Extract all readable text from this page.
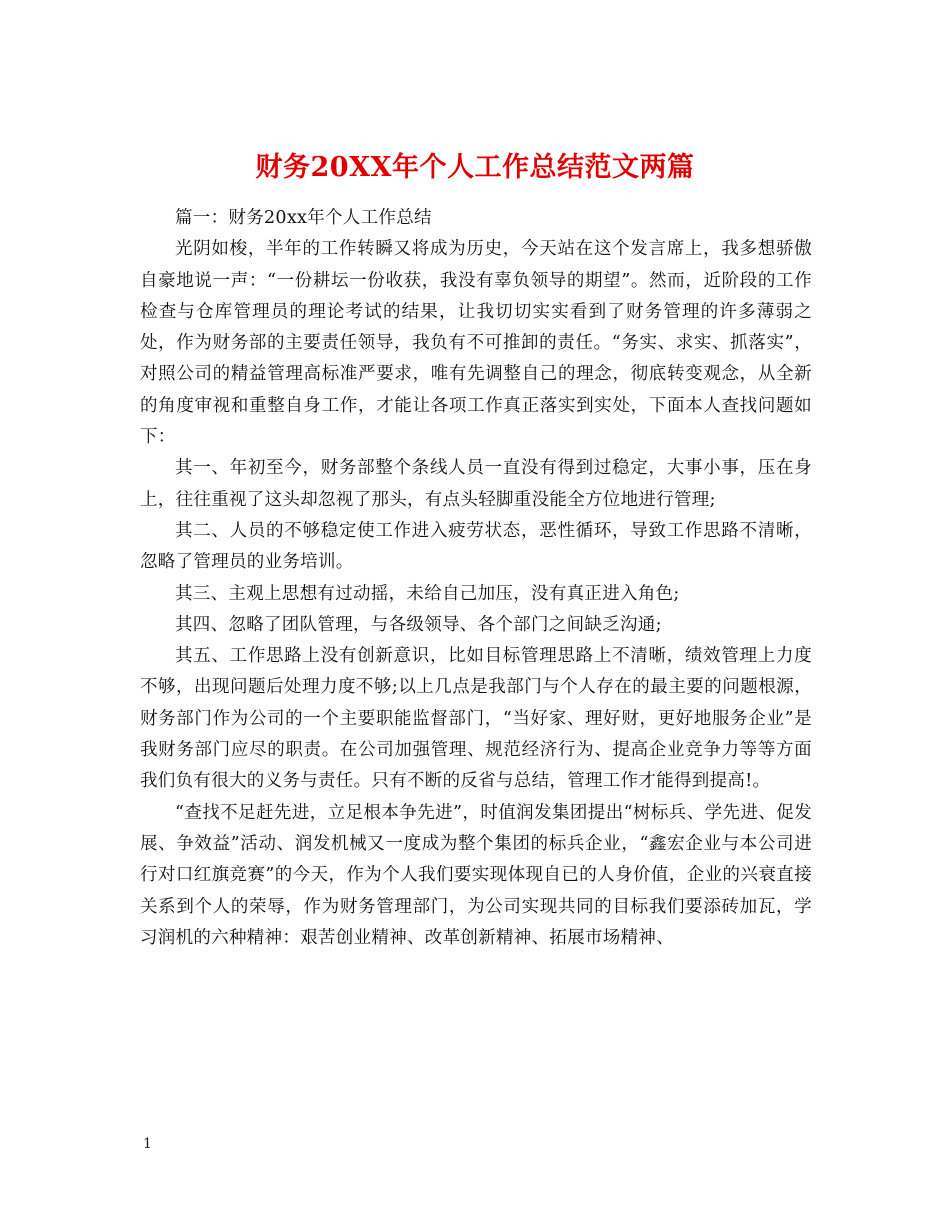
财务20XX年个人工作总结范文两篇

篇一：财务20xx年个人工作总结

光阴如梭，半年的工作转瞬又将成为历史，今天站在这个发言席上，我多想骄傲自豪地说一声：“一份耕坛一份收获，我没有辜负领导的期望”。然而，近阶段的工作检查与仓库管理员的理论考试的结果，让我切切实实看到了财务管理的许多薄弱之处，作为财务部的主要责任领导，我负有不可推卸的责任。“务实、求实、抓落实”，对照公司的精益管理高标准严要求，唯有先调整自己的理念，彻底转变观念，从全新的角度审视和重整自身工作，才能让各项工作真正落实到实处，下面本人查找问题如下：

其一、年初至今，财务部整个条线人员一直没有得到过稳定，大事小事，压在身上，往往重视了这头却忽视了那头，有点头轻脚重没能全方位地进行管理;

其二、人员的不够稳定使工作进入疲劳状态，恶性循环，导致工作思路不清晰，忽略了管理员的业务培训。

其三、主观上思想有过动摇，未给自己加压，没有真正进入角色;

其四、忽略了团队管理，与各级领导、各个部门之间缺乏沟通;

其五、工作思路上没有创新意识，比如目标管理思路上不清晰，绩效管理上力度不够，出现问题后处理力度不够;以上几点是我部门与个人存在的最主要的问题根源，财务部门作为公司的一个主要职能监督部门，“当好家、理好财，更好地服务企业”是我财务部门应尽的职责。在公司加强管理、规范经济行为、提高企业竞争力等等方面我们负有很大的义务与责任。只有不断的反省与总结，管理工作才能得到提高!。

“查找不足赶先进，立足根本争先进”，时值润发集团提出“树标兵、学先进、促发展、争效益”活动、润发机械又一度成为整个集团的标兵企业，“鑫宏企业与本公司进行对口红旗竞赛”的今天，作为个人我们要实现体现自已的人身价值，企业的兴衰直接关系到个人的荣辱，作为财务管理部门，为公司实现共同的目标我们要添砖加瓦，学习润机的六种精神：艰苦创业精神、改革创新精神、拓展市场精神、

1
